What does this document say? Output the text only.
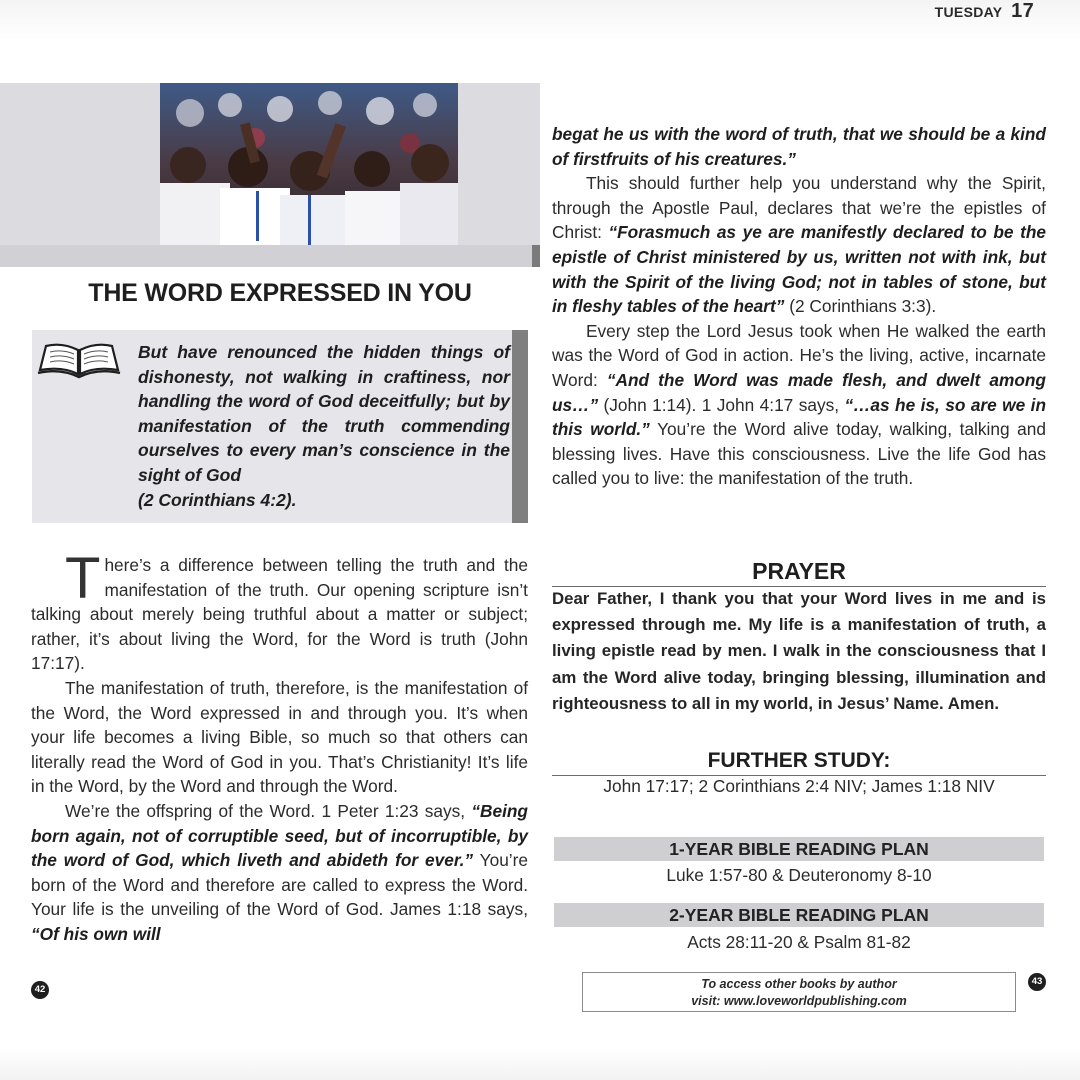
TUESDAY 17
THE WORD EXPRESSED IN YOU
But have renounced the hidden things of dishonesty, not walking in craftiness, nor handling the word of God deceitfully; but by manifestation of the truth commending ourselves to every man’s conscience in the sight of God
(2 Corinthians 4:2).

There’s a difference between telling the truth and the manifestation of the truth. Our opening scripture isn’t talking about merely being truthful about a matter or subject; rather, it’s about living the Word, for the Word is truth (John 17:17).

The manifestation of truth, therefore, is the manifestation of the Word, the Word expressed in and through you. It’s when your life becomes a living Bible, so much so that others can literally read the Word of God in you. That’s Christianity! It’s life in the Word, by the Word and through the Word.

We’re the offspring of the Word. 1 Peter 1:23 says, “Being born again, not of corruptible seed, but of incorruptible, by the word of God, which liveth and abideth for ever.” You’re born of the Word and therefore are called to express the Word. Your life is the unveiling of the Word of God. James 1:18 says, “Of his own will

42

begat he us with the word of truth, that we should be a kind of firstfruits of his creatures.”

This should further help you understand why the Spirit, through the Apostle Paul, declares that we’re the epistles of Christ: “Forasmuch as ye are manifestly declared to be the epistle of Christ ministered by us, written not with ink, but with the Spirit of the living God; not in tables of stone, but in fleshy tables of the heart” (2 Corinthians 3:3).

Every step the Lord Jesus took when He walked the earth was the Word of God in action. He’s the living, active, incarnate Word: “And the Word was made flesh, and dwelt among us…” (John 1:14). 1 John 4:17 says, “…as he is, so are we in this world.” You’re the Word alive today, walking, talking and blessing lives. Have this consciousness. Live the life God has called you to live: the manifestation of the truth.

PRAYER
Dear Father, I thank you that your Word lives in me and is expressed through me. My life is a manifestation of truth, a living epistle read by men. I walk in the consciousness that I am the Word alive today, bringing blessing, illumination and righteousness to all in my world, in Jesus’ Name. Amen.
FURTHER STUDY:
John 17:17; 2 Corinthians 2:4 NIV; James 1:18 NIV
1-YEAR BIBLE READING PLAN
Luke 1:57-80 & Deuteronomy 8-10
2-YEAR BIBLE READING PLAN
Acts 28:11-20 & Psalm 81-82
To access other books by author
visit: www.loveworldpublishing.com
43
